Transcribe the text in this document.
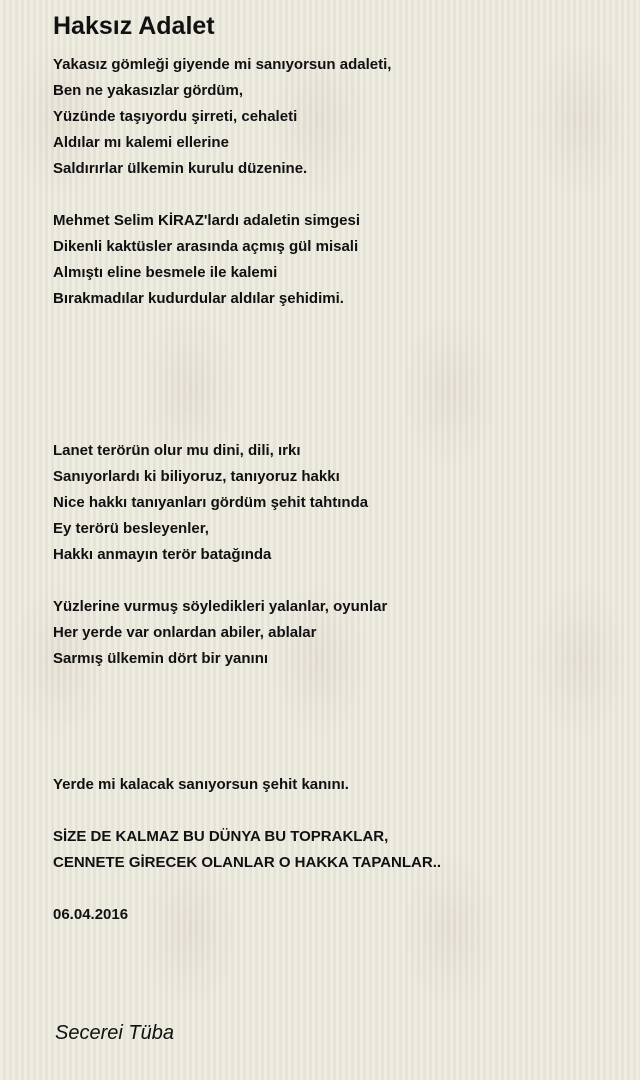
Haksız Adalet
Yakasız gömleği giyende mi sanıyorsun adaleti,
Ben ne yakasızlar gördüm,
Yüzünde taşıyordu şirreti, cehaleti
Aldılar mı kalemi ellerine
Saldırırlar ülkemin kurulu düzenine.
Mehmet Selim KİRAZ'lardı adaletin simgesi
Dikenli kaktüsler arasında açmış gül misali
Almıştı eline besmele ile kalemi
Bırakmadılar kudurdular aldılar şehidimi.
Lanet terörün olur mu dini, dili, ırkı
Sanıyorlardı ki biliyoruz, tanıyoruz hakkı
Nice hakkı tanıyanları gördüm şehit tahtında
Ey terörü besleyenler,
Hakkı anmayın terör batağında
Yüzlerine vurmuş söyledikleri yalanlar, oyunlar
Her yerde var onlardan abiler, ablalar
Sarmış ülkemin dört bir yanını
Yerde mi kalacak sanıyorsun şehit kanını.
SİZE DE KALMAZ BU DÜNYA BU TOPRAKLAR,
CENNETE GİRECEK OLANLAR O HAKKA TAPANLAR..
06.04.2016
Secerei Tüba
